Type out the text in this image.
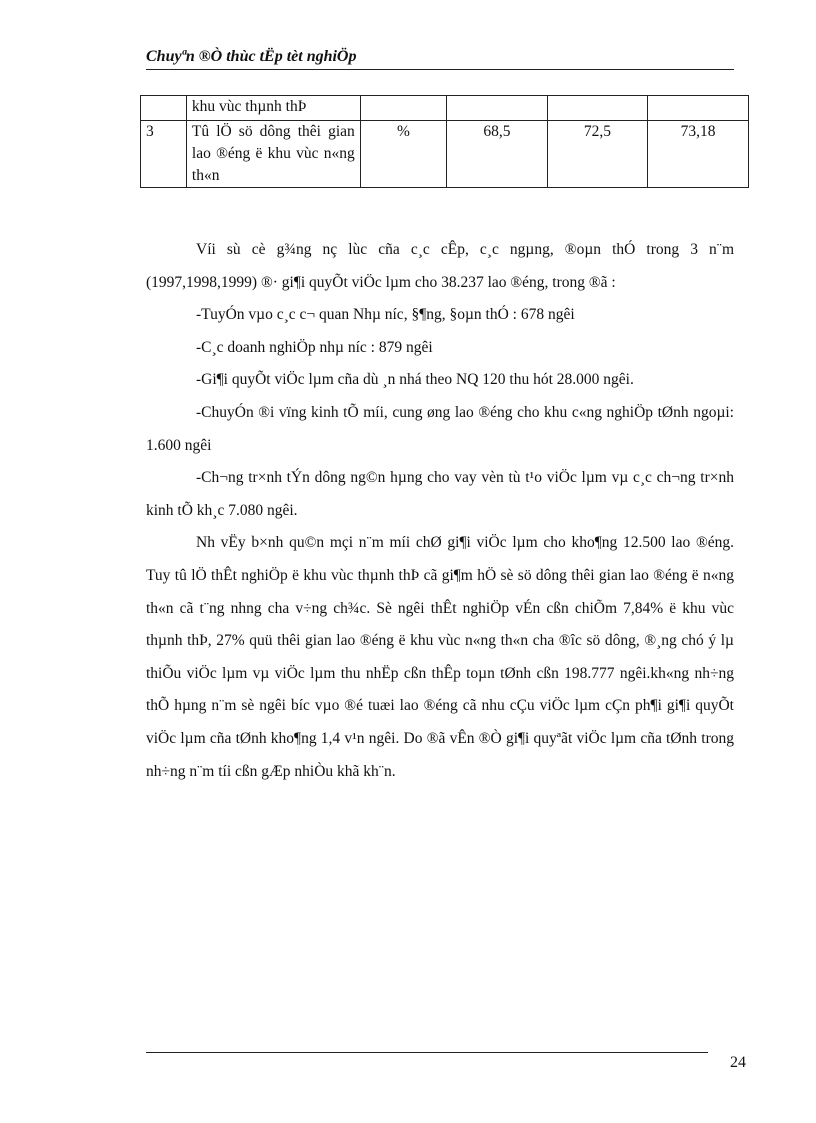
Chuyªn ®Ò thùc tËp tèt nghiÖp
	khu vùc thµnh thÞ				
3	Tû lÖ sö dông thêi gian lao ®éng ë khu vùc n«ng th«n	%	68,5	72,5	73,18

Víi sù cè g¾ng nç lùc cña c¸c cÊp, c¸c ngµng, ®oµn thÓ trong 3 n¨m (1997,1998,1999) ®· gi¶i quyÕt viÖc lµm cho 38.237 lao ®éng, trong ®ã :

-TuyÓn vµo c¸c c¬ quan Nhµ níc, §¶ng, §oµn thÓ : 678 ngêi

-C¸c doanh nghiÖp nhµ níc : 879 ngêi

-Gi¶i quyÕt viÖc lµm cña dù ¸n nhá theo NQ 120 thu hót 28.000 ngêi.

-ChuyÓn ®i vïng kinh tÕ míi, cung øng lao ®éng cho khu c«ng nghiÖp tØnh ngoµi: 1.600 ngêi

-Ch¬ng tr×nh tÝn dông ng©n hµng cho vay vèn tù t¹o viÖc lµm vµ c¸c ch¬ng tr×nh kinh tÕ kh¸c 7.080 ngêi.

Nh vËy b×nh qu©n mçi n¨m míi chØ gi¶i viÖc lµm cho kho¶ng 12.500 lao ®éng. Tuy tû lÖ thÊt nghiÖp ë khu vùc thµnh thÞ cã gi¶m hÖ sè sö dông thêi gian lao ®éng ë n«ng th«n cã t¨ng nhng cha v÷ng ch¾c. Sè ngêi thÊt nghiÖp vÉn cßn chiÕm 7,84% ë khu vùc thµnh thÞ, 27% quü thêi gian lao ®éng ë khu vùc n«ng th«n cha ®îc sö dông, ®¸ng chó ý lµ thiÕu viÖc lµm vµ viÖc lµm thu nhËp cßn thÊp toµn tØnh cßn 198.777 ngêi.kh«ng nh÷ng thÕ hµng n¨m sè ngêi bíc vµo ®é tuæi lao ®éng cã nhu cÇu viÖc lµm cÇn ph¶i gi¶i quyÕt viÖc lµm cña tØnh kho¶ng 1,4 v¹n ngêi. Do ®ã vÊn ®Ò gi¶i quyªãt viÖc lµm cña tØnh trong nh÷ng n¨m tíi cßn gÆp nhiÒu khã kh¨n.

24
